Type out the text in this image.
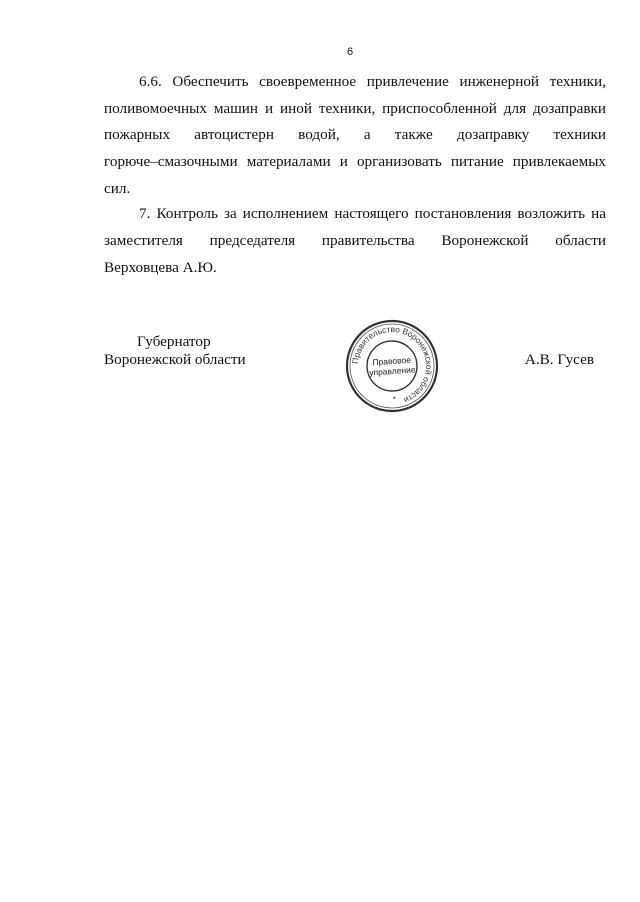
6
6.6. Обеспечить своевременное привлечение инженерной техники,
поливомоечных машин и иной техники, приспособленной для дозаправки
пожарных автоцистерн водой, а также дозаправку техники
горюче–смазочными материалами и организовать питание привлекаемых
сил.
7. Контроль за исполнением настоящего постановления возложить на
заместителя председателя правительства Воронежской области
Верховцева А.Ю.
Губернатор
Воронежской области	Правительство Воронежской области
Правовое
управление
*
А.В. Гусев
